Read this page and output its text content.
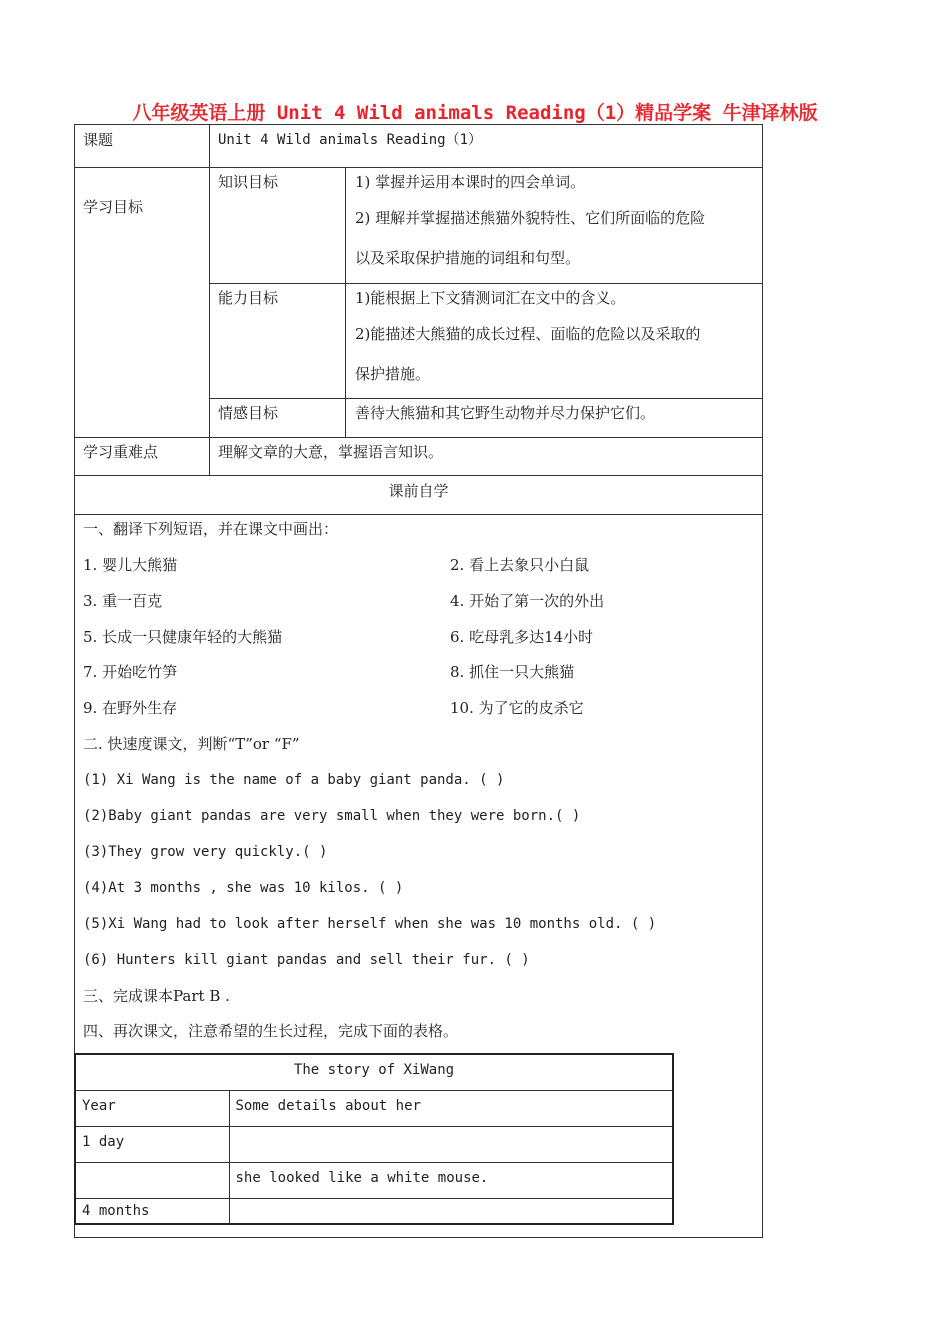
八年级英语上册 Unit 4 Wild animals Reading（1）精品学案 牛津译林版
课题	Unit 4 Wild animals Reading（1）
学习目标
知识目标	1) 掌握并运用本课时的四会单词。
2) 理解并掌握描述熊猫外貌特性、它们所面临的危险
以及采取保护措施的词组和句型。
能力目标	1)能根据上下文猜测词汇在文中的含义。
2)能描述大熊猫的成长过程、面临的危险以及采取的
保护措施。
情感目标	善待大熊猫和其它野生动物并尽力保护它们。
学习重难点	理解文章的大意，掌握语言知识。
课前自学
一、翻译下列短语，并在课文中画出：
1. 婴儿大熊猫	2. 看上去象只小白鼠
3. 重一百克	4. 开始了第一次的外出
5. 长成一只健康年轻的大熊猫	6. 吃母乳多达14小时
7. 开始吃竹笋	8. 抓住一只大熊猫
9. 在野外生存	10. 为了它的皮杀它
二. 快速度课文，判断“T”or “F”
(1) Xi Wang is the name of a baby giant panda. ( )
(2)Baby giant pandas are very small when they were born.( )
(3)They grow very quickly.( )
(4)At 3 months , she was 10 kilos. ( )
(5)Xi Wang had to look after herself when she was 10 months old. ( )
(6) Hunters kill giant pandas and sell their fur. ( )
三、完成课本Part B .
四、再次课文，注意希望的生长过程，完成下面的表格。
The story of XiWang	
Year	Some details about her
1 day	
	she looked like a white mouse.
4 months	
